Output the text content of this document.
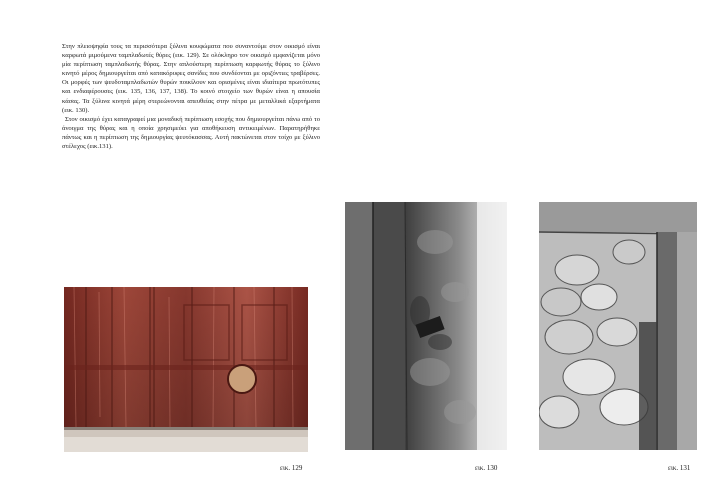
Στην πλειοψηφία τους τα περισσότερα ξύλινα κουφώματα που συναντούμε στον οικισμό είναι καρφωτά μιμούμενα ταμπλαδωτές θύρες (εικ. 129). Σε ολόκληρο τον οικισμό εμφανίζεται μόνο μία περίπτωση ταμπλαδωτής θύρας. Στην απλούστερη περίπτωση καρφωτής θύρας το ξύλινο κινητό μέρος δημιουργείται από κατακόρυφες σανίδες που συνδέονται με οριζόντιες τραβέρσες. Οι μορφές των ψευδοταμπλαδωτών θυρών ποικίλουν και ορισμένες είναι ιδιαίτερα πρωτότυπες και ενδιαφέρουσες (εικ. 135, 136, 137, 138). Το κοινό στοιχείο των θυρών είναι η απουσία κάσας. Τα ξύλινα κινητά μέρη στερεώνονται απευθείας στην πέτρα με μεταλλικά εξαρτήματα (εικ. 130).

Στον οικισμό έχει καταγραφεί μια μοναδική περίπτωση εσοχής που δημιουργείται πάνω από το άνοιγμα της θύρας και η οποία χρησιμεύει για αποθήκευση αντικειμένων. Παρατηρήθηκε πάντως και η περίπτωση της δημιουργίας ψευτόκασσας. Αυτή πακτώνεται στον τοίχο με ξύλινο στέλεχος (εικ.131).

εικ. 129	εικ. 130	εικ. 131
